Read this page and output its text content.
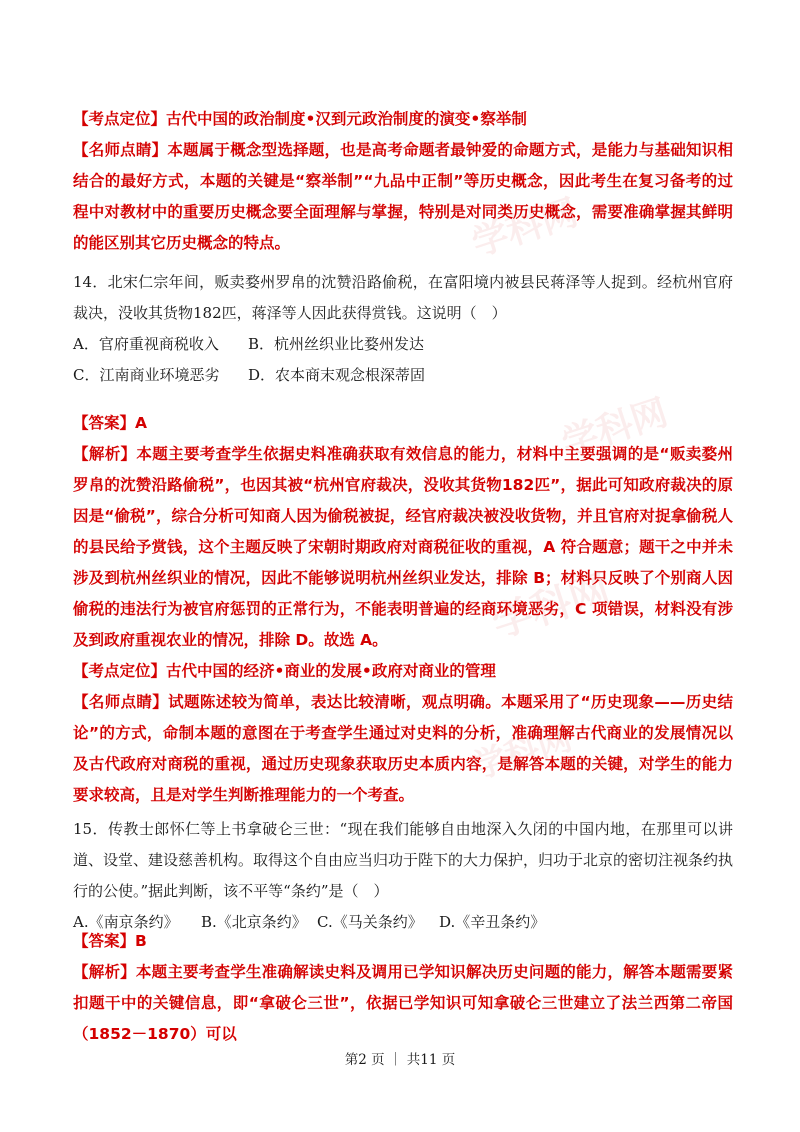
学科网
学科网
学科网
学科网
【考点定位】古代中国的政治制度•汉到元政治制度的演变•察举制
【名师点睛】本题属于概念型选择题，也是高考命题者最钟爱的命题方式，是能力与基础知识相结合的最好方式，本题的关键是“察举制”“九品中正制”等历史概念，因此考生在复习备考的过程中对教材中的重要历史概念要全面理解与掌握，特别是对同类历史概念，需要准确掌握其鲜明的能区别其它历史概念的特点。
14．北宋仁宗年间，贩卖婺州罗帛的沈赞沿路偷税，在富阳境内被县民蒋泽等人捉到。经杭州官府裁决，没收其货物182匹，蒋泽等人因此获得赏钱。这说明（　）
A．官府重视商税收入	B．杭州丝织业比婺州发达
C．江南商业环境恶劣	D．农本商末观念根深蒂固
【答案】A
【解析】本题主要考查学生依据史料准确获取有效信息的能力，材料中主要强调的是“贩卖婺州罗帛的沈赞沿路偷税”，也因其被“杭州官府裁决，没收其货物182匹”，据此可知政府裁决的原因是“偷税”，综合分析可知商人因为偷税被捉，经官府裁决被没收货物，并且官府对捉拿偷税人的县民给予赏钱，这个主题反映了宋朝时期政府对商税征收的重视，A 符合题意；题干之中并未涉及到杭州丝织业的情况，因此不能够说明杭州丝织业发达，排除 B；材料只反映了个别商人因偷税的违法行为被官府惩罚的正常行为，不能表明普遍的经商环境恶劣，C 项错误，材料没有涉及到政府重视农业的情况，排除 D。故选 A。
【考点定位】古代中国的经济•商业的发展•政府对商业的管理
【名师点睛】试题陈述较为简单，表达比较清晰，观点明确。本题采用了“历史现象——历史结论”的方式，命制本题的意图在于考查学生通过对史料的分析，准确理解古代商业的发展情况以及古代政府对商税的重视，通过历史现象获取历史本质内容，是解答本题的关键，对学生的能力要求较高，且是对学生判断推理能力的一个考查。
15．传教士郎怀仁等上书拿破仑三世：“现在我们能够自由地深入久闭的中国内地，在那里可以讲道、设堂、建设慈善机构。取得这个自由应当归功于陛下的大力保护，归功于北京的密切注视条约执行的公使。”据此判断，该不平等“条约”是（　）
A.《南京条约》	B.《北京条约》 C.《马关条约》	D.《辛丑条约》
【答案】B
【解析】本题主要考查学生准确解读史料及调用已学知识解决历史问题的能力，解答本题需要紧扣题干中的关键信息，即“拿破仑三世”，依据已学知识可知拿破仑三世建立了法兰西第二帝国（1852－1870）可以
第2 页 ｜ 共11 页
